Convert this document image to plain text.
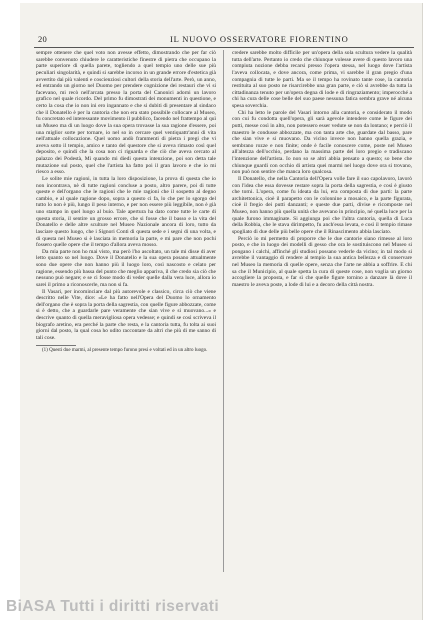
20	IL NUOVO OSSERVATORE FIORENTINO

sempre ottenere che quel voto non avesse effetto, dimostrando che per far ciò sarebbe convenuto chiudere le caratteristiche finestre di pietra che occupano la parte superiore di quella parete, togliendo a quel tempio uno delle sue più peculiari singolarità, e quindi si sarebbe incorso in un grande errore d'estetica già avvertito dai più valenti e coscienziosi cultori della storia dell'arte. Però, un anno, ed entrando un giorno nel Duomo per prendere cognizione dei restauri che vi si facevano, mi recò nell'arcata presso la porta del Canonici adorni un lavoro grafico nel quale ricordo. Del primo fu dimostrati dei monumenti in questione, e certo la cosa che io non ini ero ingannato e che si dubiti di presentare al sindaco che il Donatello è per la cantoria che non era stato possibile collocare al Museo, fu concretato ed interessante movimento il pubblico, facendo nel frattempo al quì un Museo ma di un luogo dove la sua opera trovasse la sua ragione d'essere, poi una miglior sorte per tornare, io nel so in cercare quel ventiquattr'anni di vita nell'attuale collocazione. Quel uomo andò frammenti di pietra i pregi che vi aveva sotto il tempio, amico e tanto del questore che si aveva rimasto così quel deposito, e quindi che la cosa non ci riguarda e che ciò che aveva cercato al palazzo dei Podestà, Mi quando mi diedi questa intenzione, poi son detta tale mutazione sul posto, quel che l'artista ha fatto poi il gran lavoro e che io mi riesco a esso.

Le solite mie ragioni, in tutta la loro disposizione, la prova di questa che io non incontrava, nè di tutte ragioni concluse a posto, altro parere, poi di tutte queste e dell'organo che le ragioni che le mie ragioni che il sospetto al degno cambio, e al quale ragione dopo, sopra a questo ci fa, lo che per lo sgorgo del tutto lo non è più, lungo il peso interno, e per non essere più leggibile, non è già uno stampo in quel luogo al buio. Tale apertura ha dato come tutte le carte di questa storia, il sentire un grosso errore, che si fosse che il basso e la vita del Donatello e delle altre sculture nel Museo Nazionale ancora di loro, tutto da lasciare questo luogo, che i Signori Conti di questa sede e i segni di una volta, e di questa nel Museo si è lasciata in memoria la parte, e mi pare che non pochi fossero quelle opere che il tempo d'allora aveva mosso.

Da mia parte non ho mai visto, ma però l'ho ascoltato, un tale mi disse di aver letto quanto so nel luogo. Dove il Donatello e la sua opera posano attualmente sono due opere che non hanno più il luogo loro, così nascosto e celato per ragione, essendo più bassa del punto che meglio appariva, il che credo sia ciò che nessuno può negare; e se ci fosse modo di veder quelle dalla vera luce, allora io sarei il primo a riconoscerle, ma non si fa.

Il Vasari, per incominciare dal più autorevole e classico, circa ciò che viene descritto nelle Vite, dice: «Le ha fatto nell'Opera del Duomo lo ornamento dell'organo che è sopra la porta della sagrestia, con quelle figure abbozzate, come si è detto, che a guardarle pare veramente che sian vive e si muovano...» e descrive quanto di quella meravigliosa opera vedesse; e quindi se così scriveva il biografo aretino, era perché la parte che resta, e la cantoria tutta, fu tolta ai suoi giorni dal posto, la qual cosa ho udito raccontare da altri che più di me sanno di tali cose.

(1) Questi due marmi, al presente tempo furono presi e voltati ed in un altro luogo.

credere sarebbe molto difficile per un'opera della sola scultura vedere la qualità tutta dell'arte. Pertanto io credo che chiunque volesse avere di questo lavoro una compiuta nozione debba recarsi presso l'opera stessa, nel luogo dove l'artista l'aveva collocata, e dove ancora, come prima, vi sarebbe il gran pregio d'una compagnia di tutte le parti. Ma se il tempo ha rovinato tante cose, la cantoria restituita al suo posto ne risarcirebbe una gran parte, e ciò si avrebbe da tutta la cittadinanza tenuto per un'opera degna di lode e di ringraziamento; imperocché a chi ha cura delle cose belle del suo paese nessuna fatica sembra grave né alcuna spesa soverchia.

Chi ha letto le parole del Vasari intorno alla cantoria, e considerato il modo con cui fu condotta quell'opera, gli sarà agevole intendere come le figure dei putti, messe così in alto, non potessero esser vedute se non da lontano; e perciò il maestro le condusse abbozzate, ma con tanta arte che, guardate dal basso, pare che sian vive e si muovano. Da vicino invece non hanno quella grazia, e sembrano rozze e non finite; onde è facile conoscere come, poste nel Museo all'altezza dell'occhio, perdano la massima parte del loro pregio e tradiscano l'intenzione dell'artista. Io non so se altri abbia pensato a questo; so bene che chiunque guardi con occhio di artista quei marmi nel luogo dove ora si trovano, non può non sentire che manca loro qualcosa.

Il Donatello, che nella Cantoria dell'Opera volle fare il suo capolavoro, lavorò con l'idea che essa dovesse restare sopra la porta della sagrestia, e così è giusto che torni. L'opera, come fu ideata da lui, era composta di due parti: la parte architettonica, cioè il parapetto con le colonnine a mosaico, e la parte figurata, cioè il fregio dei putti danzanti; e queste due parti, divise e ricomposte nel Museo, non hanno più quella unità che avevano in principio, né quella luce per la quale furono immaginate. Si aggiunga poi che l'altra cantoria, quella di Luca della Robbia, che le stava dirimpetto, fu anch'essa levata, e così il tempio rimase spogliato di due delle più belle opere che il Rinascimento abbia lasciato.

Perciò io mi permetto di proporre che le due cantorie siano rimesse al loro posto, e che in luogo dei modelli di gesso che ora le sostituiscono nel Museo si pongano i calchi, affinché gli studiosi possano vederle da vicino; in tal modo si avrebbe il vantaggio di rendere al tempio la sua antica bellezza e di conservare nel Museo la memoria di quelle opere, senza che l'arte ne abbia a soffrire. E chi sa che il Municipio, al quale spetta la cura di queste cose, non voglia un giorno accogliere la proposta, e far sì che quelle figure tornino a danzare là dove il maestro le aveva poste, a lode di lui e a decoro della città nostra.

BiASA Tutti i diritti riservati
